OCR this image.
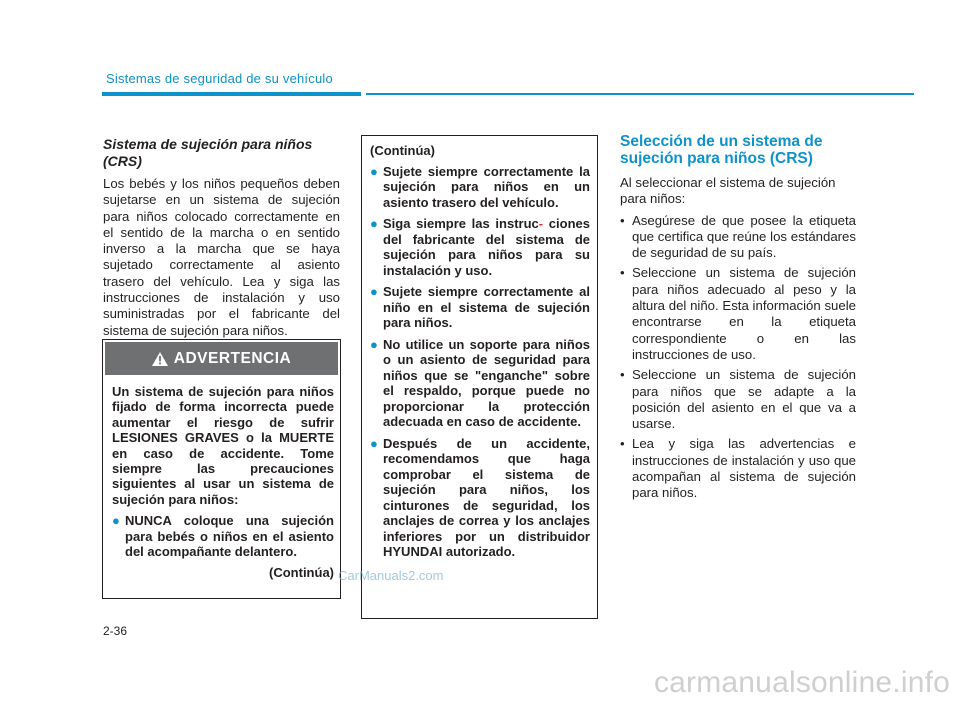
Sistemas de seguridad de su vehículo
Sistema de sujeción para niños (CRS)

Los bebés y los niños pequeños deben sujetarse en un sistema de sujeción para niños colocado correctamente en el sentido de la marcha o en sentido inverso a la marcha que se haya sujetado correctamente al asiento trasero del vehículo. Lea y siga las instrucciones de instalación y uso suministradas por el fabricante del sistema de sujeción para niños.

ADVERTENCIA

Un sistema de sujeción para niños fijado de forma incorrecta puede aumentar el riesgo de sufrir LESIONES GRAVES o la MUERTE en caso de accidente. Tome siempre las precauciones siguientes al usar un sistema de sujeción para niños:

● NUNCA coloque una sujeción para bebés o niños en el asiento del acompañante delantero.
(Continúa)
(Continúa)
● Sujete siempre correctamente la sujeción para niños en un asiento trasero del vehículo.
● Siga siempre las instruc- ciones del fabricante del sistema de sujeción para niños para su instalación y uso.
● Sujete siempre correctamente al niño en el sistema de sujeción para niños.
● No utilice un soporte para niños o un asiento de seguridad para niños que se "enganche" sobre el respaldo, porque puede no proporcionar la protección adecuada en caso de accidente.
● Después de un accidente, recomendamos que haga comprobar el sistema de sujeción para niños, los cinturones de seguridad, los anclajes de correa y los anclajes inferiores por un distribuidor HYUNDAI autorizado.
Selección de un sistema de sujeción para niños (CRS)
Al seleccionar el sistema de sujeción para niños:
• Asegúrese de que posee la etiqueta que certifica que reúne los estándares de seguridad de su país.
• Seleccione un sistema de sujeción para niños adecuado al peso y la altura del niño. Esta información suele encontrarse en la etiqueta correspondiente o en las instrucciones de uso.
• Seleccione un sistema de sujeción para niños que se adapte a la posición del asiento en el que va a usarse.
• Lea y siga las advertencias e instrucciones de instalación y uso que acompañan al sistema de sujeción para niños.
2-36
CarManuals2.com
carmanualsonline.info
